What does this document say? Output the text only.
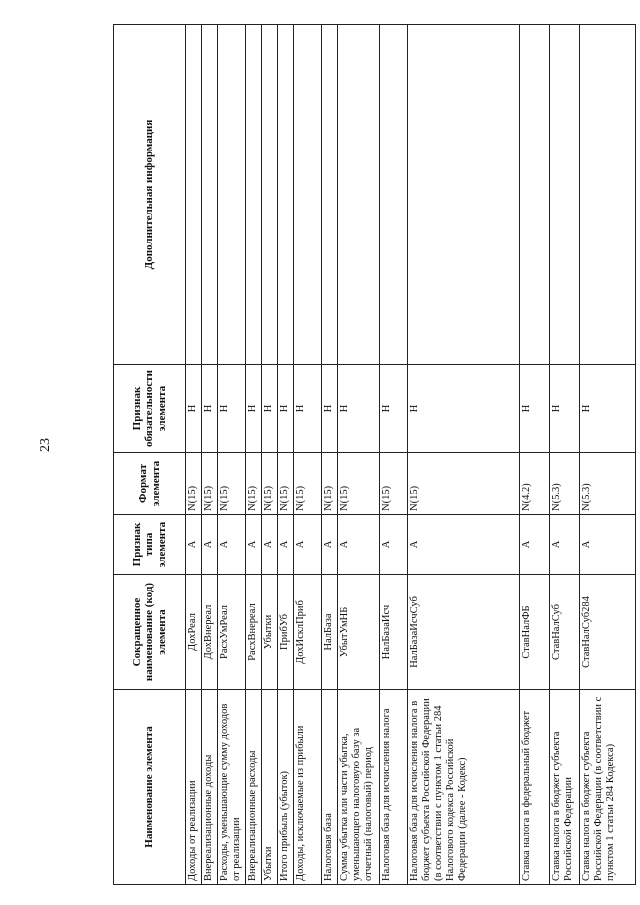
23
Наименование элемента	Сокращенное наименование (код) элемента	Признак типа элемента	Формат элемента	Признак обязательности элемента	Дополнительная информация
Доходы от реализации	ДохРеал	А	N(15)	Н	
Внереализационные доходы	ДохВнереал	А	N(15)	Н	
Расходы, уменьшающие сумму доходов от реализации	РасхУмРеал	А	N(15)	Н	
Внереализационные расходы	РасхВнереал	А	N(15)	Н	
Убытки	Убытки	А	N(15)	Н	
Итого прибыль (убыток)	ПрибУб	А	N(15)	Н	
Доходы, исключаемые из прибыли	ДохИсклПриб	А	N(15)	Н	
Налоговая база	НалБаза	А	N(15)	Н	
Сумма убытка или части убытка, уменьшающего налоговую базу за отчетный (налоговый) период	УбытУмНБ	А	N(15)	Н	
Налоговая база для исчисления налога	НалБазаИсч	А	N(15)	Н	
Налоговая база для исчисления налога в бюджет субъекта Российской Федерации (в соответствии с пунктом 1 статьи 284 Налогового кодекса Российской Федерации (далее - Кодекс)	НалБазаИсчСуб	А	N(15)	Н	
Ставка налога в федеральный бюджет	СтавНалФБ	А	N(4.2)	Н	
Ставка налога в бюджет субъекта Российской Федерации	СтавНалСуб	А	N(5.3)	Н	
Ставка налога в бюджет субъекта Российской Федерации (в соответствии с пунктом 1 статьи 284 Кодекса)	СтавНалСуб284	А	N(5.3)	Н	
